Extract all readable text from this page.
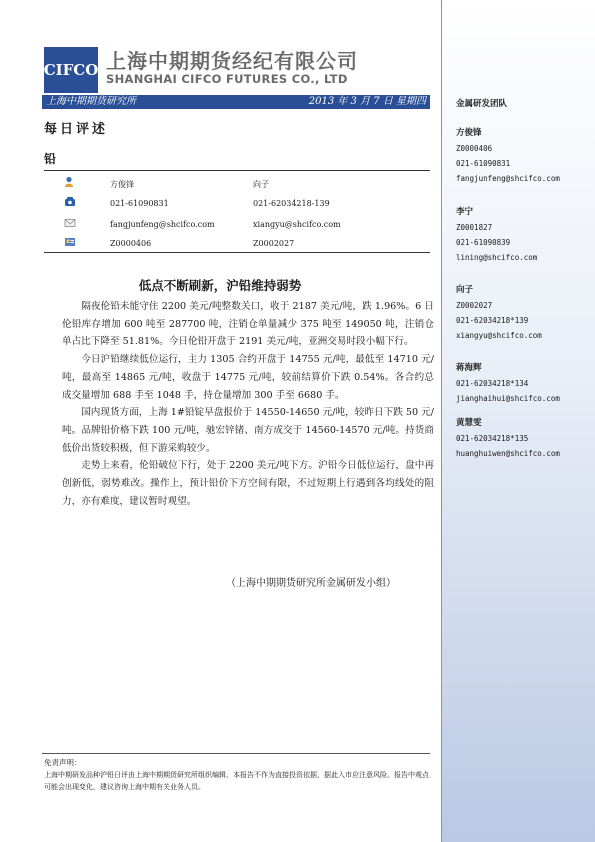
CIFCO 上海中期期货经纪有限公司
SHANGHAI CIFCO FUTURES CO., LTD
上海中期期货研究所	2013 年 3 月 7 日 星期四
每日评述
铅
方俊锋	向子
021-61090831	021-62034218-139
fangjunfeng@shcifco.com	xiangyu@shcifco.com
Z0000406	Z0002027
低点不断刷新，沪铅维持弱势

隔夜伦铅未能守住 2200 美元/吨整数关口，收于 2187 美元/吨，跌 1.96%。6 日伦铅库存增加 600 吨至 287700 吨，注销仓单量减少 375 吨至 149050 吨，注销仓单占比下降至 51.81%。今日伦铅开盘于 2191 美元/吨，亚洲交易时段小幅下行。

今日沪铅继续低位运行，主力 1305 合约开盘于 14755 元/吨，最低至 14710 元/吨，最高至 14865 元/吨，收盘于 14775 元/吨，较前结算价下跌 0.54%。各合约总成交量增加 688 手至 1048 手，持仓量增加 300 手至 6680 手。

国内现货方面，上海 1#铅锭早盘报价于 14550-14650 元/吨，较昨日下跌 50 元/吨。品牌铅价格下跌 100 元/吨，驰宏锌锗、南方成交于 14560-14570 元/吨。持货商低价出货较积极，但下游采购较少。

走势上来看，伦铅破位下行，处于 2200 美元/吨下方。沪铅今日低位运行，盘中再创新低，弱势难改。操作上，预计铅价下方空间有限，不过短期上行遇到各均线处的阻力，亦有难度，建议暂时观望。

（上海中期期货研究所金属研发小组）
免责声明：
上海中期研发品种沪铅日评由上海中期期货研究所组织编辑，本报告不作为直接投资依据，据此入市应注意风险。报告中观点可能会出现变化，建议咨询上海中期有关业务人员。
金属研发团队
方俊锋
Z0000406
021-61090831
fangjunfeng@shcifco.com
李宁
Z0001827
021-61090839
lining@shcifco.com
向子
Z0002027
021-62034218*139
xiangyu@shcifco.com
蒋海辉
021-62034218*134
jianghaihui@shcifco.com
黄慧雯
021-62034218*135
huanghuiwen@shcifco.com
